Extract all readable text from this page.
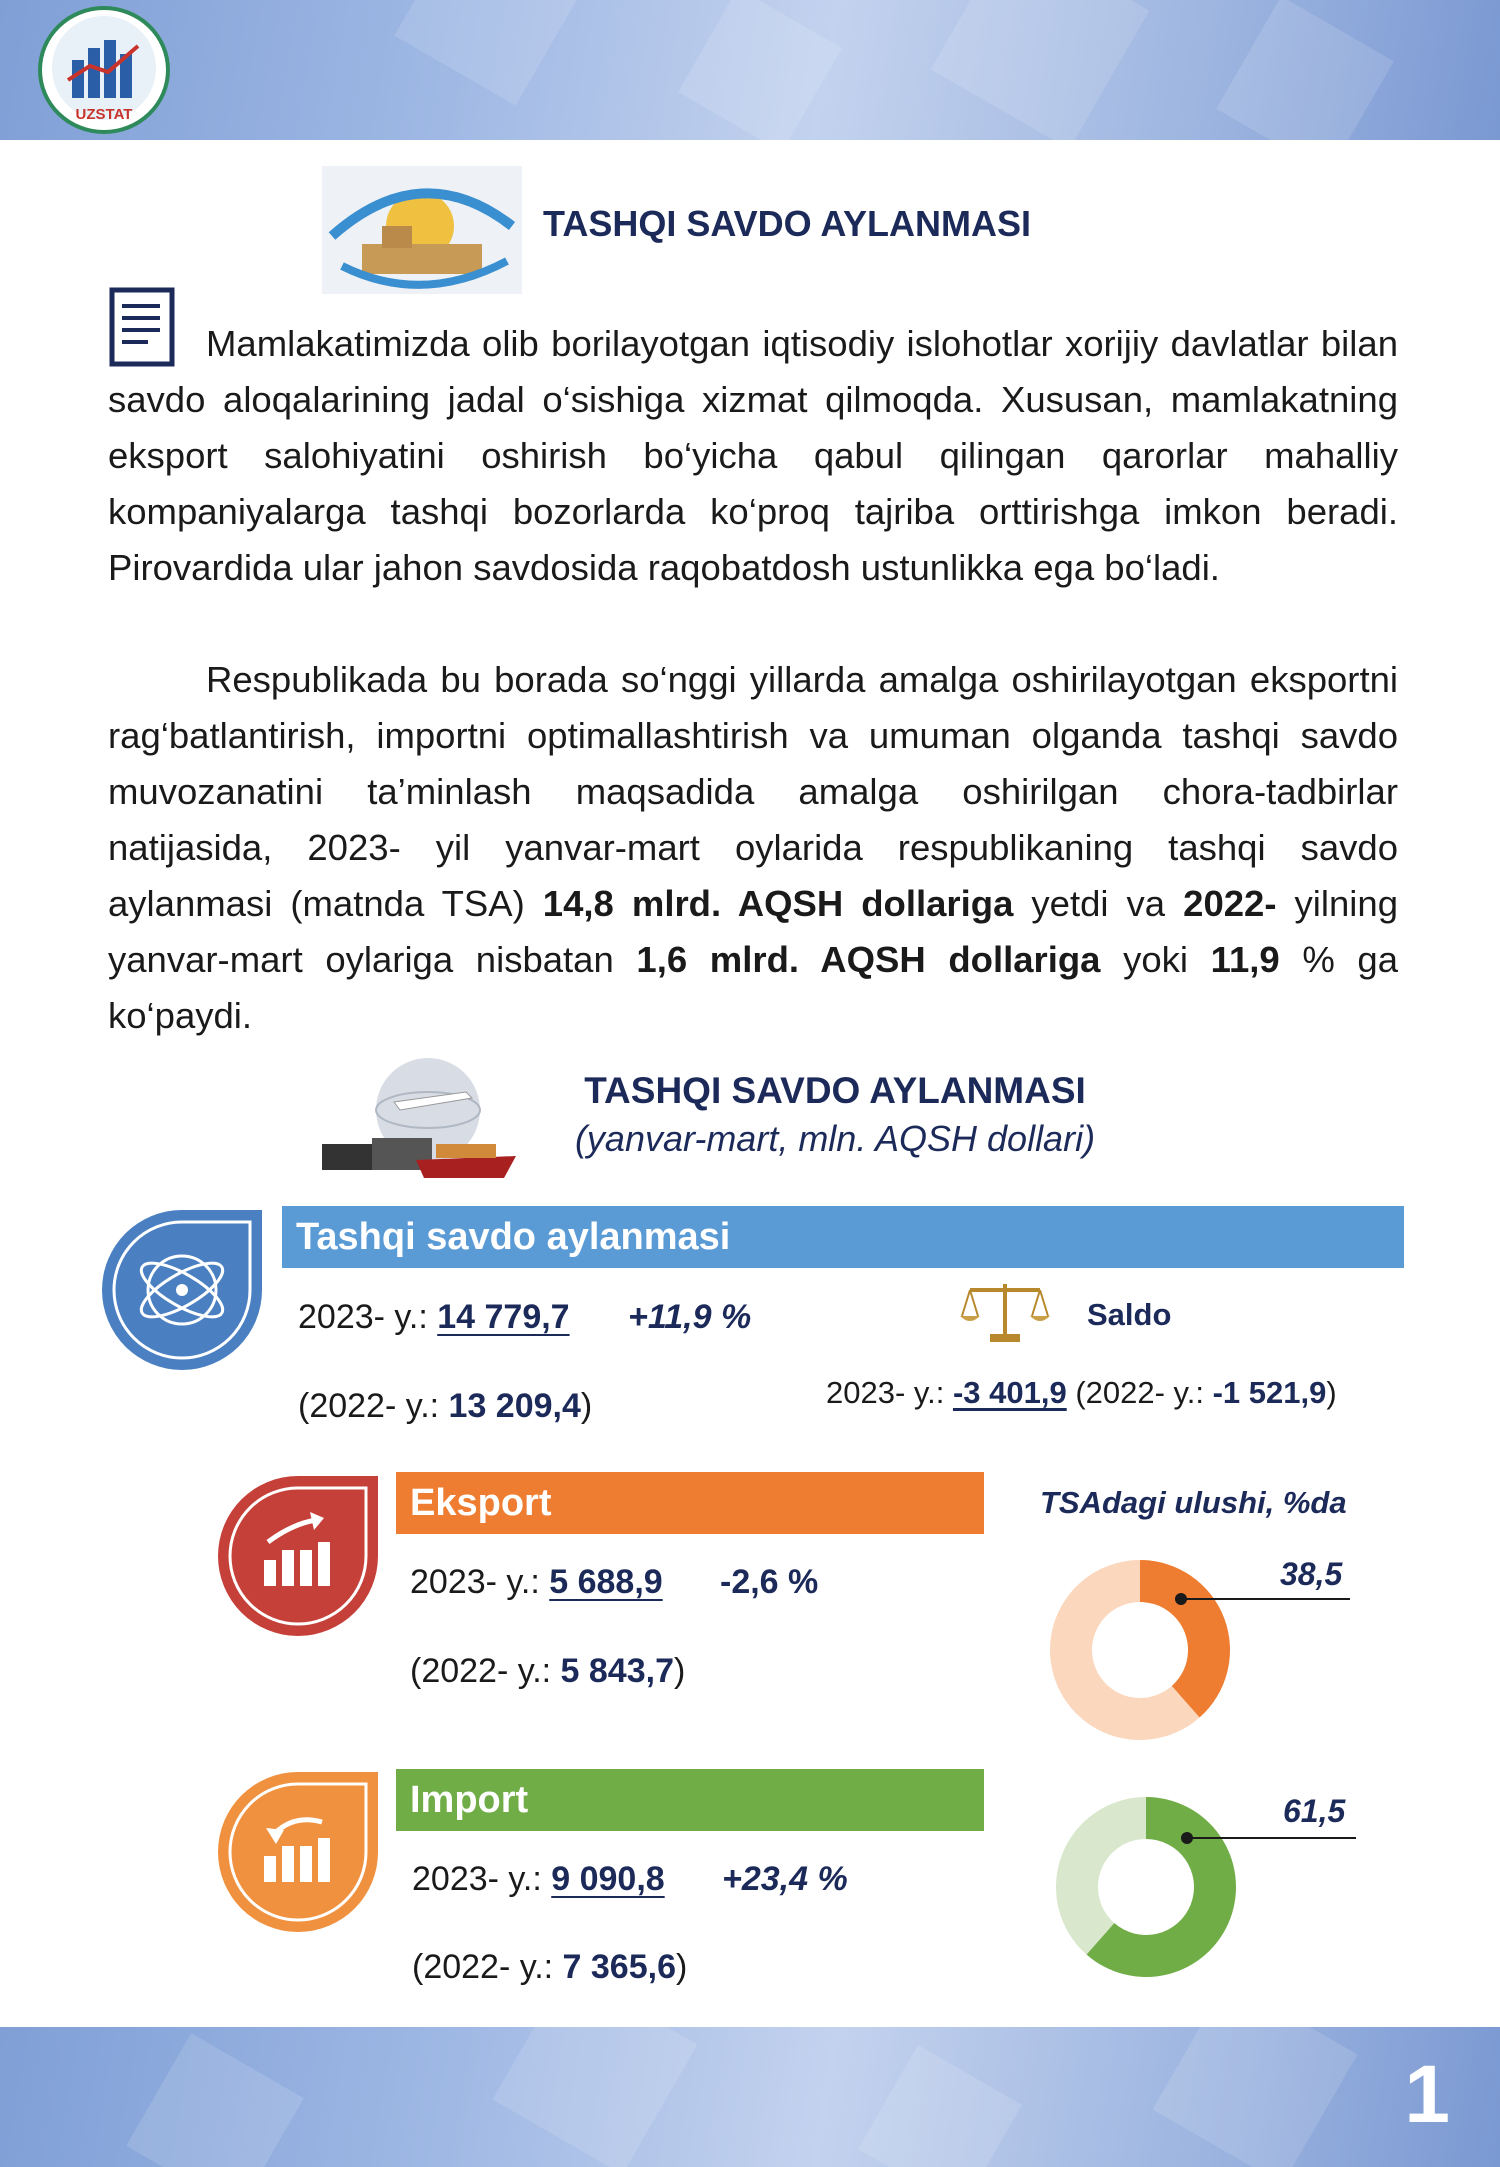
UZSTAT
TASHQI SAVDO AYLANMASI
Mamlakatimizda olib borilayotgan iqtisodiy islohotlar xorijiy davlatlar bilan savdo aloqalarining jadal o‘sishiga xizmat qilmoqda. Xususan, mamlakatning eksport salohiyatini oshirish bo‘yicha qabul qilingan qarorlar mahalliy kompaniyalarga tashqi bozorlarda ko‘proq tajriba orttirishga imkon beradi. Pirovardida ular jahon savdosida raqobatdosh ustunlikka ega bo‘ladi.
Respublikada bu borada so‘nggi yillarda amalga oshirilayotgan eksportni rag‘batlantirish, importni optimallashtirish va umuman olganda tashqi savdo muvozanatini ta’minlash maqsadida amalga oshirilgan chora-tadbirlar natijasida, 2023- yil yanvar-mart oylarida respublikaning tashqi savdo aylanmasi (matnda TSA) 14,8 mlrd. AQSH dollariga yetdi va 2022- yilning yanvar-mart oylariga nisbatan 1,6 mlrd. AQSH dollariga yoki 11,9 % ga ko‘paydi.
TASHQI SAVDO AYLANMASI
(yanvar-mart, mln. AQSH dollari)
Tashqi savdo aylanmasi
2023- y.: 14 779,7 +11,9 %
(2022- y.: 13 209,4)
Saldo
2023- y.: -3 401,9 (2022- y.: -1 521,9)
Eksport
2023- y.: 5 688,9 -2,6 %
(2022- y.: 5 843,7)
Import
2023- y.: 9 090,8 +23,4 %
(2022- y.: 7 365,6)
TSAdagi ulushi, %da
38,5
61,5
1
